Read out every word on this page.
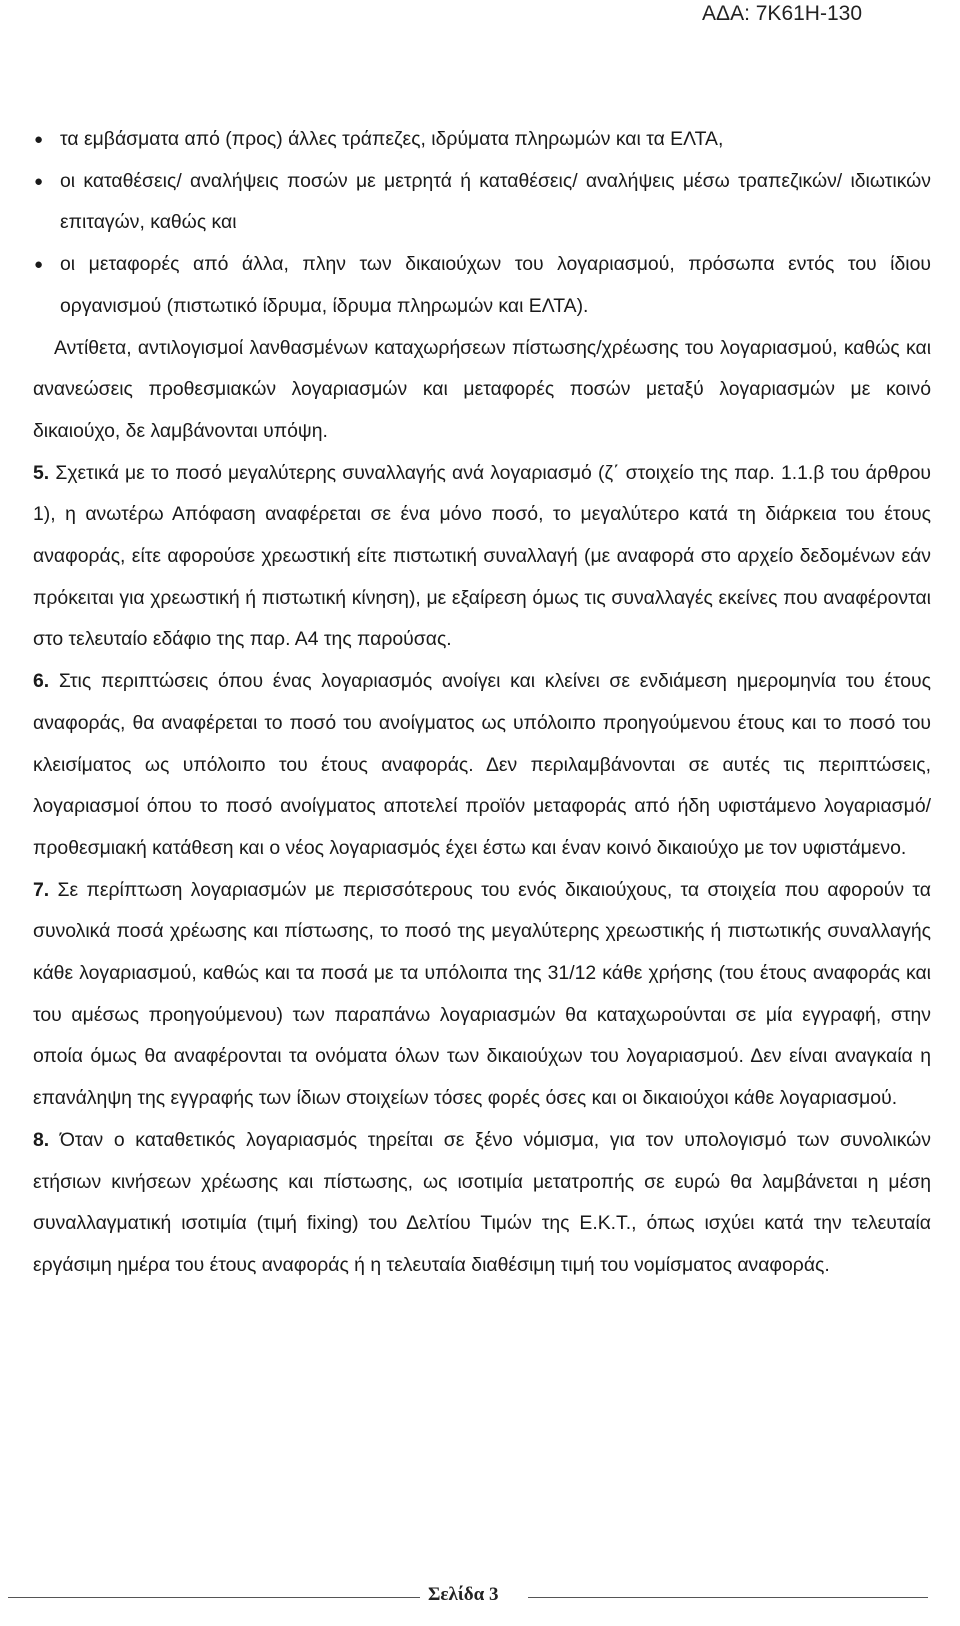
ΑΔΑ: 7Κ61Η-130
● τα εμβάσματα από (προς) άλλες τράπεζες, ιδρύματα πληρωμών και τα ΕΛΤΑ,
● οι καταθέσεις/ αναλήψεις ποσών με μετρητά ή καταθέσεις/ αναλήψεις μέσω τραπεζικών/ ιδιωτικών επιταγών, καθώς και
● οι μεταφορές από άλλα, πλην των δικαιούχων του λογαριασμού, πρόσωπα εντός του ίδιου οργανισμού (πιστωτικό ίδρυμα, ίδρυμα πληρωμών και ΕΛΤΑ).

Αντίθετα, αντιλογισμοί λανθασμένων καταχωρήσεων πίστωσης/χρέωσης του λογαριασμού, καθώς και ανανεώσεις προθεσμιακών λογαριασμών και μεταφορές ποσών μεταξύ λογαριασμών με κοινό δικαιούχο, δε λαμβάνονται υπόψη.

5. Σχετικά με το ποσό μεγαλύτερης συναλλαγής ανά λογαριασμό (ζ΄ στοιχείο της παρ. 1.1.β του άρθρου 1), η ανωτέρω Απόφαση αναφέρεται σε ένα μόνο ποσό, το μεγαλύτερο κατά τη διάρκεια του έτους αναφοράς, είτε αφορούσε χρεωστική είτε πιστωτική συναλλαγή (με αναφορά στο αρχείο δεδομένων εάν πρόκειται για χρεωστική ή πιστωτική κίνηση), με εξαίρεση όμως τις συναλλαγές εκείνες που αναφέρονται στο τελευταίο εδάφιο της παρ. Α4 της παρούσας.

6. Στις περιπτώσεις όπου ένας λογαριασμός ανοίγει και κλείνει σε ενδιάμεση ημερομηνία του έτους αναφοράς, θα αναφέρεται το ποσό του ανοίγματος ως υπόλοιπο προηγούμενου έτους και το ποσό του κλεισίματος ως υπόλοιπο του έτους αναφοράς. Δεν περιλαμβάνονται σε αυτές τις περιπτώσεις, λογαριασμοί όπου το ποσό ανοίγματος αποτελεί προϊόν μεταφοράς από ήδη υφιστάμενο λογαριασμό/προθεσμιακή κατάθεση και ο νέος λογαριασμός έχει έστω και έναν κοινό δικαιούχο με τον υφιστάμενο.

7. Σε περίπτωση λογαριασμών με περισσότερους του ενός δικαιούχους, τα στοιχεία που αφορούν τα συνολικά ποσά χρέωσης και πίστωσης, το ποσό της μεγαλύτερης χρεωστικής ή πιστωτικής συναλλαγής κάθε λογαριασμού, καθώς και τα ποσά με τα υπόλοιπα της 31/12 κάθε χρήσης (του έτους αναφοράς και του αμέσως προηγούμενου) των παραπάνω λογαριασμών θα καταχωρούνται σε μία εγγραφή, στην οποία όμως θα αναφέρονται τα ονόματα όλων των δικαιούχων του λογαριασμού. Δεν είναι αναγκαία η επανάληψη της εγγραφής των ίδιων στοιχείων τόσες φορές όσες και οι δικαιούχοι κάθε λογαριασμού.

8. Όταν ο καταθετικός λογαριασμός τηρείται σε ξένο νόμισμα, για τον υπολογισμό των συνολικών ετήσιων κινήσεων χρέωσης και πίστωσης, ως ισοτιμία μετατροπής σε ευρώ θα λαμβάνεται η μέση συναλλαγματική ισοτιμία (τιμή fixing) του Δελτίου Τιμών της Ε.Κ.Τ., όπως ισχύει κατά την τελευταία εργάσιμη ημέρα του έτους αναφοράς ή η τελευταία διαθέσιμη τιμή του νομίσματος αναφοράς.

Σελίδα 3
